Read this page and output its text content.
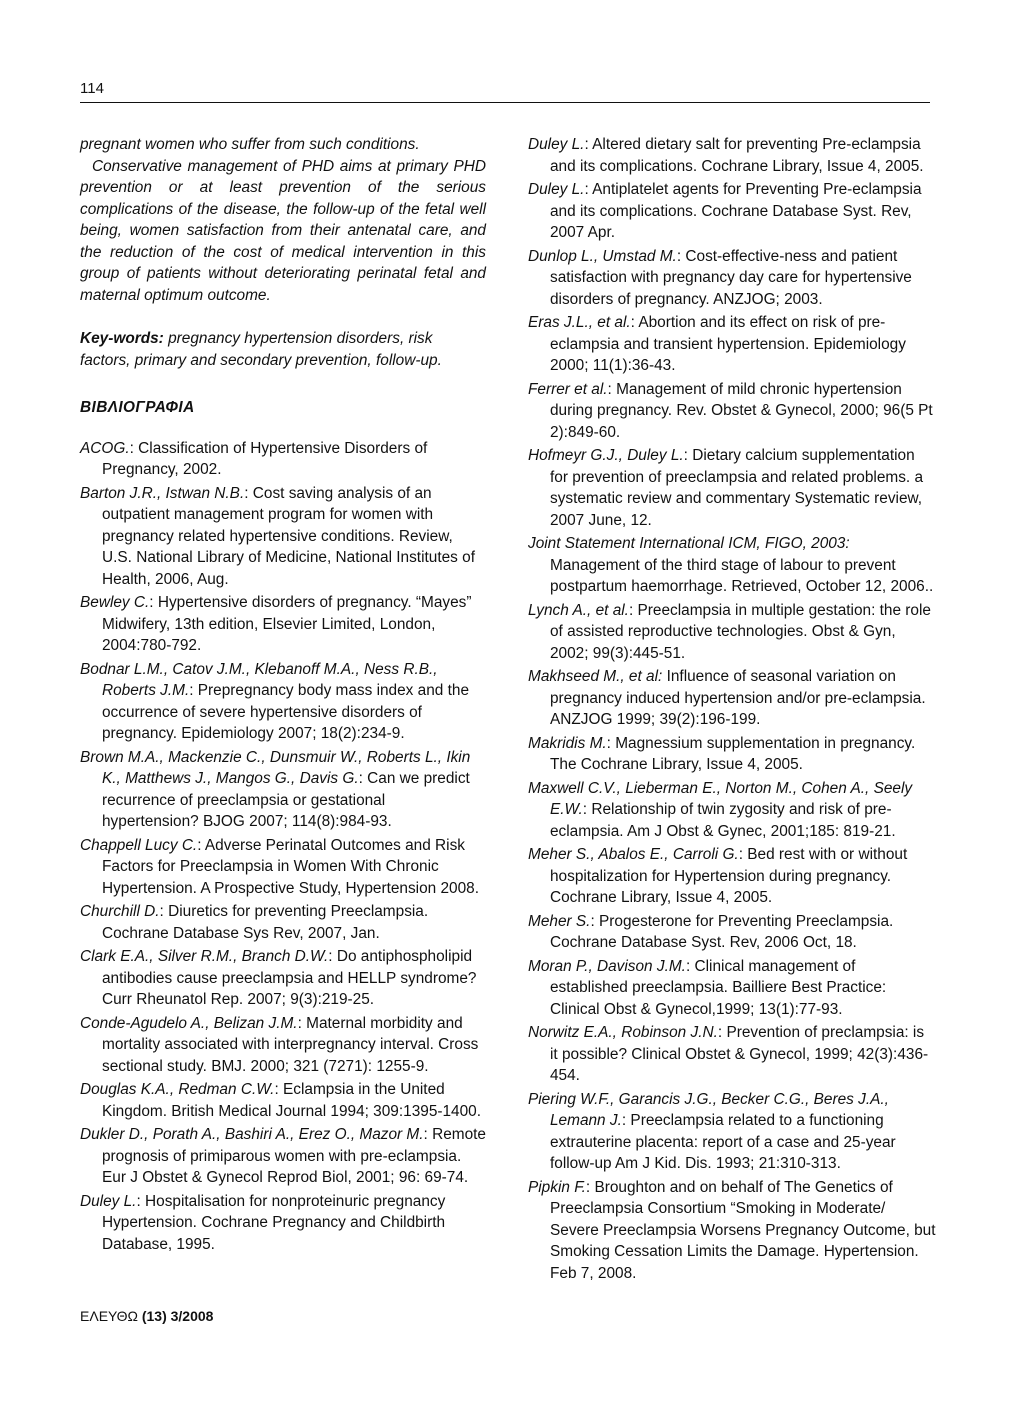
114

pregnant women who suffer from such conditions.

Conservative management of PHD aims at primary PHD prevention or at least prevention of the serious complications of the disease, the follow-up of the fetal well being, women satisfaction from their antenatal care, and the reduction of the cost of medical intervention in this group of patients without deteriorating perinatal fetal and maternal optimum outcome.

Key-words: pregnancy hypertension disorders, risk factors, primary and secondary prevention, follow-up.

ΒΙΒΛΙΟΓΡΑΦΙΑ

ACOG.: Classification of Hypertensive Disorders of Pregnancy, 2002.

Barton J.R., Istwan N.B.: Cost saving analysis of an outpatient management program for women with pregnancy related hypertensive conditions. Review, U.S. National Library of Medicine, National Institutes of Health, 2006, Aug.

Bewley C.: Hypertensive disorders of pregnancy. “Mayes” Midwifery, 13th edition, Elsevier Limited, London, 2004:780-792.

Bodnar L.M., Catov J.M., Klebanoff M.A., Ness R.B., Roberts J.M.: Prepregnancy body mass index and the occurrence of severe hypertensive disorders of pregnancy. Epidemiology 2007; 18(2):234-9.

Brown M.A., Mackenzie C., Dunsmuir W., Roberts L., Ikin K., Matthews J., Mangos G., Davis G.: Can we predict recurrence of preeclampsia or gestational hypertension? BJOG 2007; 114(8):984-93.

Chappell Lucy C.: Adverse Perinatal Outcomes and Risk Factors for Preeclampsia in Women With Chronic Hypertension. A Prospective Study, Hypertension 2008.

Churchill D.: Diuretics for preventing Preeclampsia. Cochrane Database Sys Rev, 2007, Jan.

Clark E.A., Silver R.M., Branch D.W.: Do antiphospholipid antibodies cause preeclampsia and HELLP syndrome? Curr Rheunatol Rep. 2007; 9(3):219-25.

Conde-Agudelo A., Belizan J.M.: Maternal morbidity and mortality associated with interpregnancy interval. Cross sectional study. BMJ. 2000; 321 (7271): 1255-9.

Douglas K.A., Redman C.W.: Eclampsia in the United Kingdom. British Medical Journal 1994; 309:1395-1400.

Dukler D., Porath A., Bashiri A., Erez O., Mazor M.: Remote prognosis of primiparous women with pre-eclampsia. Eur J Obstet & Gynecol Reprod Biol, 2001; 96: 69-74.

Duley L.: Hospitalisation for nonproteinuric pregnancy Hypertension. Cochrane Pregnancy and Childbirth Database, 1995.

Duley L.: Altered dietary salt for preventing Pre-eclampsia and its complications. Cochrane Library, Issue 4, 2005.

Duley L.: Antiplatelet agents for Preventing Pre-eclampsia and its complications. Cochrane Database Syst. Rev, 2007 Apr.

Dunlop L., Umstad M.: Cost-effective-ness and patient satisfaction with pregnancy day care for hypertensive disorders of pregnancy. ANZJOG; 2003.

Eras J.L., et al.: Abortion and its effect on risk of pre-eclampsia and transient hypertension. Epidemiology 2000; 11(1):36-43.

Ferrer et al.: Management of mild chronic hypertension during pregnancy. Rev. Obstet & Gynecol, 2000; 96(5 Pt 2):849-60.

Hofmeyr G.J., Duley L.: Dietary calcium supplementation for prevention of preeclampsia and related problems. a systematic review and commentary Systematic review, 2007 June, 12.

Joint Statement International ICM, FIGO, 2003: Management of the third stage of labour to prevent postpartum haemorrhage. Retrieved, October 12, 2006..

Lynch A., et al.: Preeclampsia in multiple gestation: the role of assisted reproductive technologies. Obst & Gyn, 2002; 99(3):445-51.

Makhseed M., et al: Influence of seasonal variation on pregnancy induced hypertension and/or pre-eclampsia. ANZJOG 1999; 39(2):196-199.

Makridis M.: Magnessium supplementation in pregnancy. The Cochrane Library, Issue 4, 2005.

Maxwell C.V., Lieberman E., Norton M., Cohen A., Seely E.W.: Relationship of twin zygosity and risk of pre-eclampsia. Am J Obst & Gynec, 2001;185: 819-21.

Meher S., Abalos E., Carroli G.: Bed rest with or without hospitalization for Hypertension during pregnancy. Cochrane Library, Issue 4, 2005.

Meher S.: Progesterone for Preventing Preeclampsia. Cochrane Database Syst. Rev, 2006 Oct, 18.

Moran P., Davison J.M.: Clinical management of established preeclampsia. Bailliere Best Practice: Clinical Obst & Gynecol,1999; 13(1):77-93.

Norwitz E.A., Robinson J.N.: Prevention of preclampsia: is it possible? Clinical Obstet & Gynecol, 1999; 42(3):436-454.

Piering W.F., Garancis J.G., Becker C.G., Beres J.A., Lemann J.: Preeclampsia related to a functioning extrauterine placenta: report of a case and 25-year follow-up Am J Kid. Dis. 1993; 21:310-313.

Pipkin F.: Broughton and on behalf of The Genetics of Preeclampsia Consortium “Smoking in Moderate/ Severe Preeclampsia Worsens Pregnancy Outcome, but Smoking Cessation Limits the Damage. Hypertension. Feb 7, 2008.

ΕΛΕΥΘΩ (13) 3/2008
